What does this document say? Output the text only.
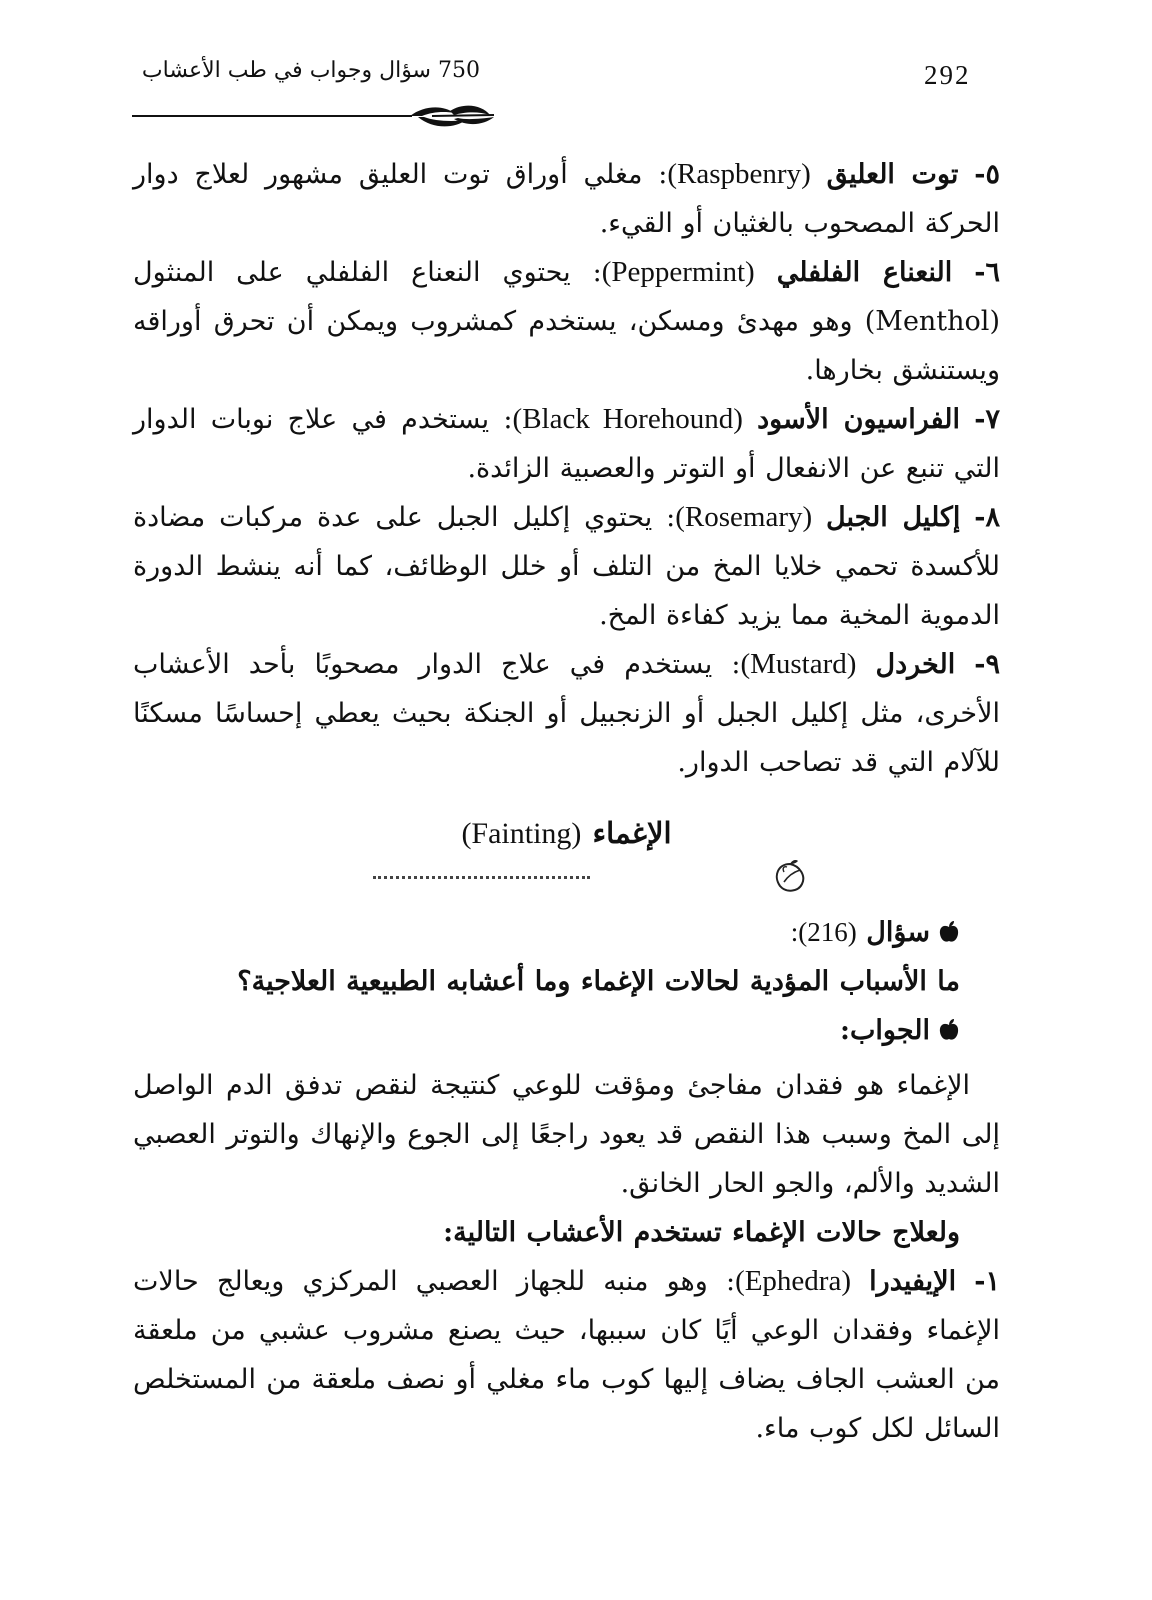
292
750 سؤال وجواب في طب الأعشاب

٥- توت العليق (Raspbenry): مغلي أوراق توت العليق مشهور لعلاج دوار الحركة المصحوب بالغثيان أو القيء.

٦- النعناع الفلفلي (Peppermint): يحتوي النعناع الفلفلي على المنثول (Menthol) وهو مهدئ ومسكن، يستخدم كمشروب ويمكن أن تحرق أوراقه ويستنشق بخارها.

٧- الفراسيون الأسود (Black Horehound): يستخدم في علاج نوبات الدوار التي تنبع عن الانفعال أو التوتر والعصبية الزائدة.

٨- إكليل الجبل (Rosemary): يحتوي إكليل الجبل على عدة مركبات مضادة للأكسدة تحمي خلايا المخ من التلف أو خلل الوظائف، كما أنه ينشط الدورة الدموية المخية مما يزيد كفاءة المخ.

٩- الخردل (Mustard): يستخدم في علاج الدوار مصحوبًا بأحد الأعشاب الأخرى، مثل إكليل الجبل أو الزنجبيل أو الجنكة بحيث يعطي إحساسًا مسكنًا للآلام التي قد تصاحب الدوار.

الإغماء (Fainting)

سؤال (216):

ما الأسباب المؤدية لحالات الإغماء وما أعشابه الطبيعية العلاجية؟

الجواب:

الإغماء هو فقدان مفاجئ ومؤقت للوعي كنتيجة لنقص تدفق الدم الواصل إلى المخ وسبب هذا النقص قد يعود راجعًا إلى الجوع والإنهاك والتوتر العصبي الشديد والألم، والجو الحار الخانق.

ولعلاج حالات الإغماء تستخدم الأعشاب التالية:

١- الإيفيدرا (Ephedra): وهو منبه للجهاز العصبي المركزي ويعالج حالات الإغماء وفقدان الوعي أيًا كان سببها، حيث يصنع مشروب عشبي من ملعقة من العشب الجاف يضاف إليها كوب ماء مغلي أو نصف ملعقة من المستخلص السائل لكل كوب ماء.
